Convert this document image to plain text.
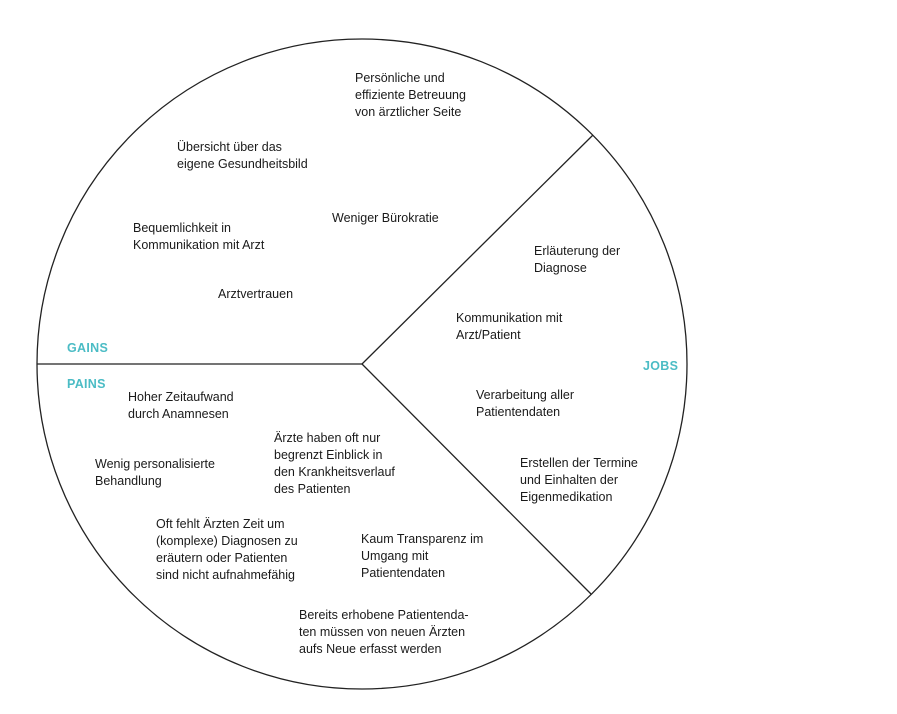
GAINS
PAINS
JOBS
Persönliche und effiziente Betreuung von ärztlicher Seite
Übersicht über das eigene Gesundheitsbild
Weniger Bürokratie
Bequemlichkeit in Kommunikation mit Arzt
Arztvertrauen
Erläuterung der Diagnose
Kommunikation mit Arzt/Patient
Verarbeitung aller Patientendaten
Erstellen der Termine und Einhalten der Eigenmedikation
Hoher Zeitaufwand durch Anamnesen
Ärzte haben oft nur begrenzt Einblick in den Krankheitsverlauf des Patienten
Wenig personalisierte Behandlung
Oft fehlt Ärzten Zeit um (komplexe) Diagnosen zu eräutern oder Patienten sind nicht aufnahmefähig
Kaum Transparenz im Umgang mit Patientendaten
Bereits erhobene Patientenda-ten müssen von neuen Ärzten aufs Neue erfasst werden
